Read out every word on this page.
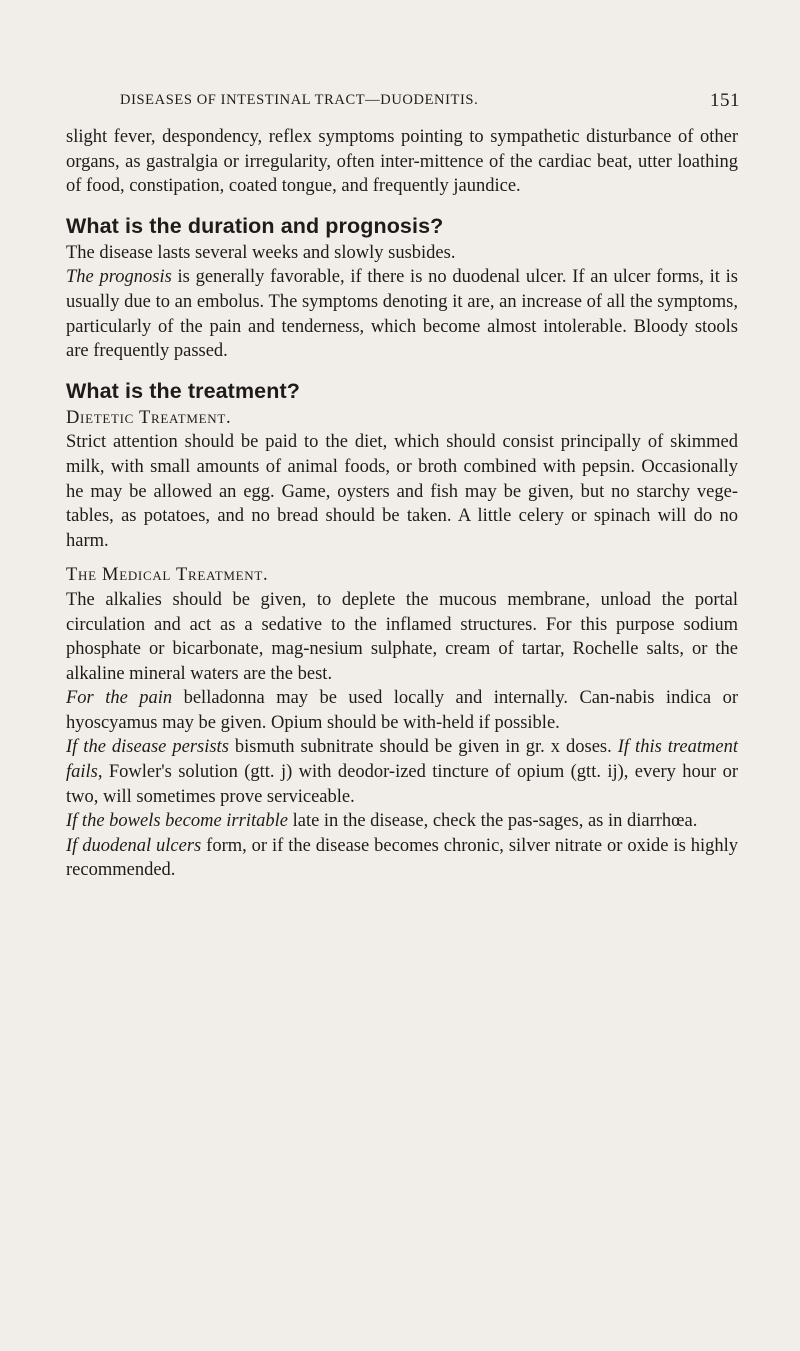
DISEASES OF INTESTINAL TRACT—DUODENITIS.	151

slight fever, despondency, reflex symptoms pointing to sympathetic disturbance of other organs, as gastralgia or irregularity, often inter-mittence of the cardiac beat, utter loathing of food, constipation, coated tongue, and frequently jaundice.

What is the duration and prognosis?

The disease lasts several weeks and slowly susbides.

The prognosis is generally favorable, if there is no duodenal ulcer. If an ulcer forms, it is usually due to an embolus. The symptoms denoting it are, an increase of all the symptoms, particularly of the pain and tenderness, which become almost intolerable. Bloody stools are frequently passed.

What is the treatment?
Dietetic Treatment.

Strict attention should be paid to the diet, which should consist principally of skimmed milk, with small amounts of animal foods, or broth combined with pepsin. Occasionally he may be allowed an egg. Game, oysters and fish may be given, but no starchy vege-tables, as potatoes, and no bread should be taken. A little celery or spinach will do no harm.

The Medical Treatment.

The alkalies should be given, to deplete the mucous membrane, unload the portal circulation and act as a sedative to the inflamed structures. For this purpose sodium phosphate or bicarbonate, mag-nesium sulphate, cream of tartar, Rochelle salts, or the alkaline mineral waters are the best.

For the pain belladonna may be used locally and internally. Can-nabis indica or hyoscyamus may be given. Opium should be with-held if possible.

If the disease persists bismuth subnitrate should be given in gr. x doses. If this treatment fails, Fowler's solution (gtt. j) with deodor-ized tincture of opium (gtt. ij), every hour or two, will sometimes prove serviceable.

If the bowels become irritable late in the disease, check the pas-sages, as in diarrhœa.

If duodenal ulcers form, or if the disease becomes chronic, silver nitrate or oxide is highly recommended.
